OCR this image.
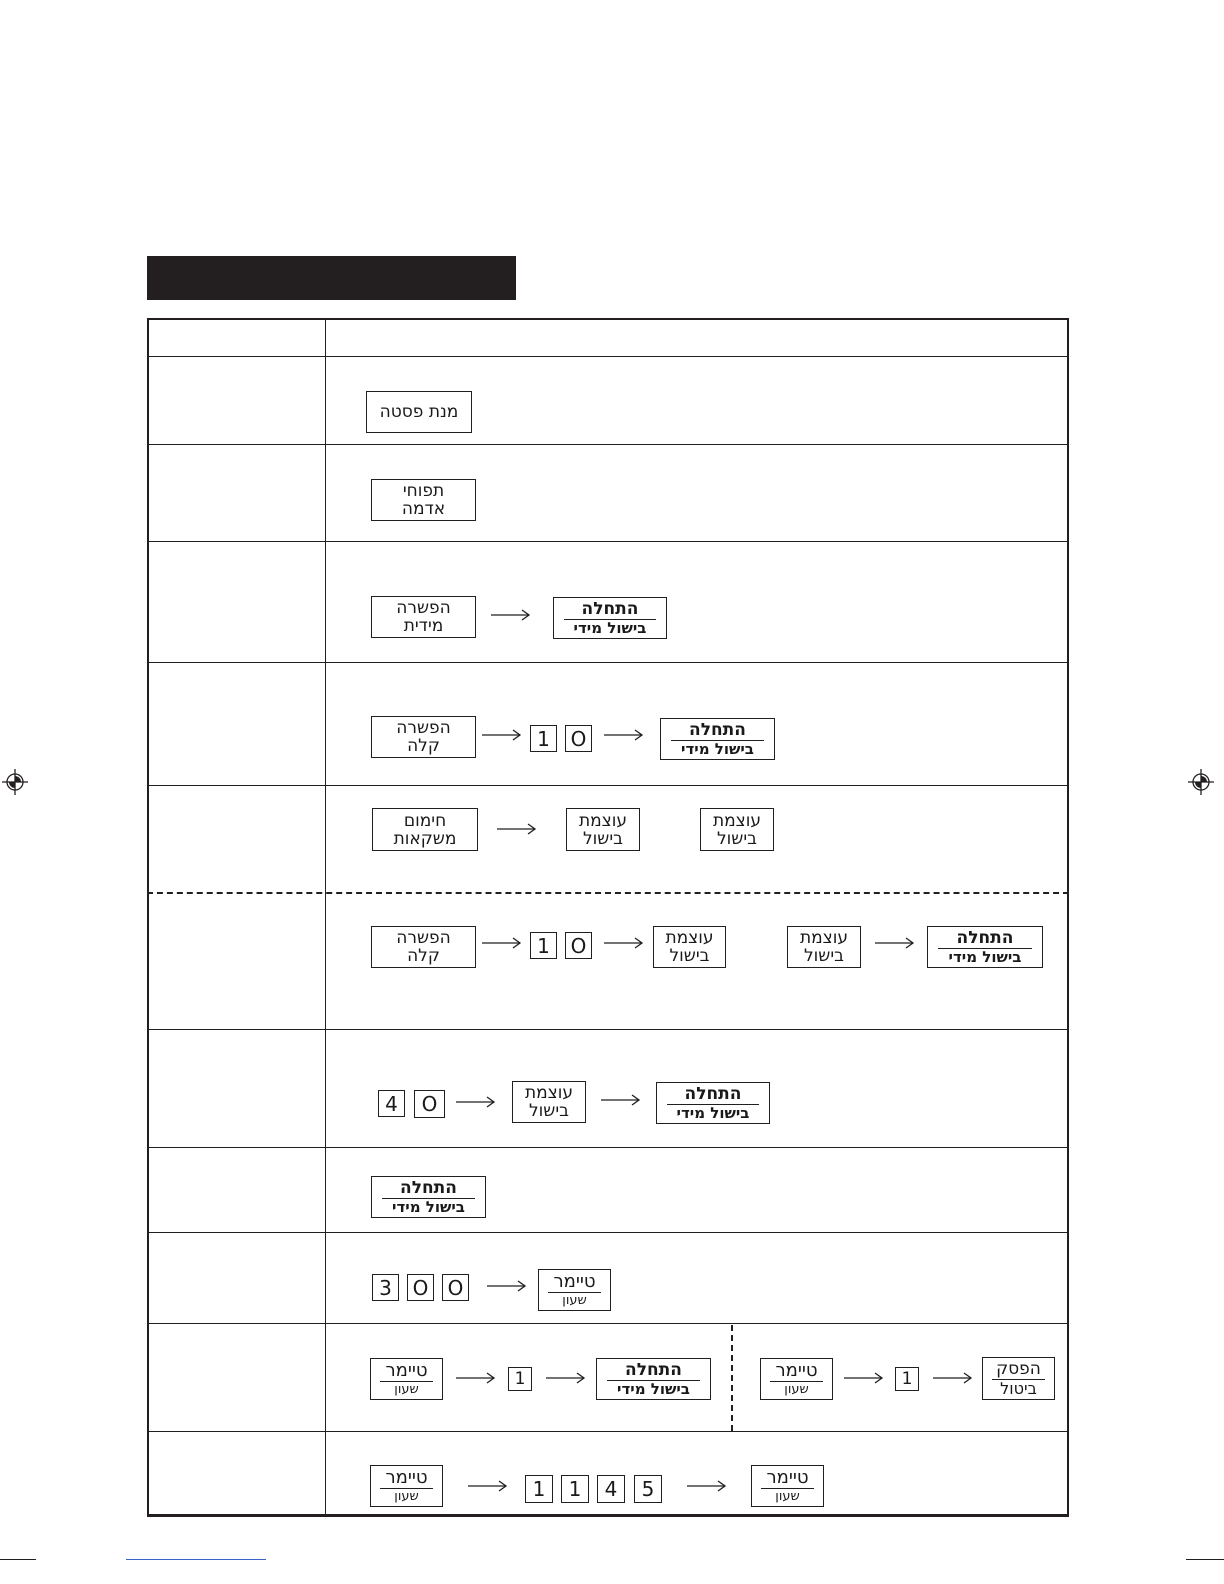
מנת פסטה
תפוחי
אדמה
הפשרה
מידית
התחלה
בישול מידי
הפשרה
קלה	1	O	התחלה
בישול מידי
חימום
משקאות
עוצמת
בישול
עוצמת
בישול
הפשרה
קלה	1	O	עוצמת
בישול
עוצמת
בישול
התחלה
בישול מידי
4	O	עוצמת
בישול
התחלה
בישול מידי
התחלה
בישול מידי
3	O O	טיימר
שעון
טיימר
שעון	1	התחלה
בישול מידי
טיימר
שעון	1
הפסק
ביטול
טיימר
שעון	1	1	4	5	טיימר
שעון
